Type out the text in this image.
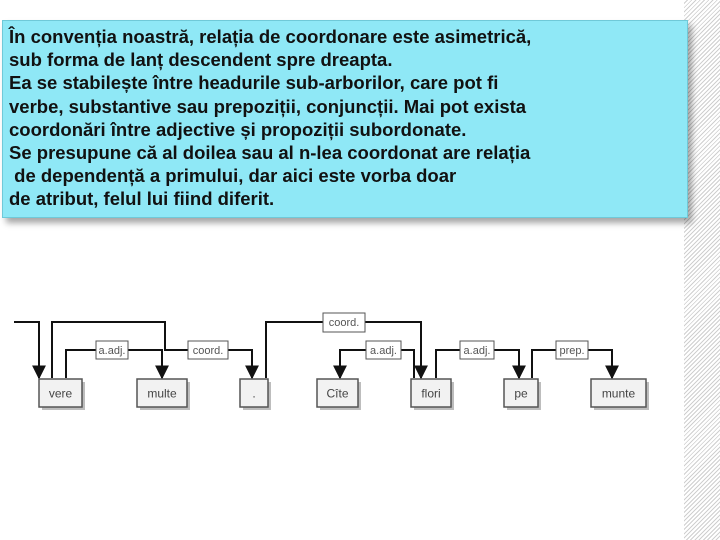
În convenția noastră, relația de coordonare este asimetrică,
sub forma de lanț descendent spre dreapta.
Ea se stabilește între headurile sub-arborilor, care pot fi
verbe, substantive sau prepoziții, conjuncții. Mai pot exista
coordonări între adjective și propoziții subordonate.
Se presupune că al doilea sau al n-lea coordonat are relația
de dependență a primului, dar aici este vorba doar
de atribut, felul lui fiind diferit.
a.adj.	coord.
coord.
a.adj.	a.adj.	prep.
vere	multe	.	Cîte	flori	pe	munte
